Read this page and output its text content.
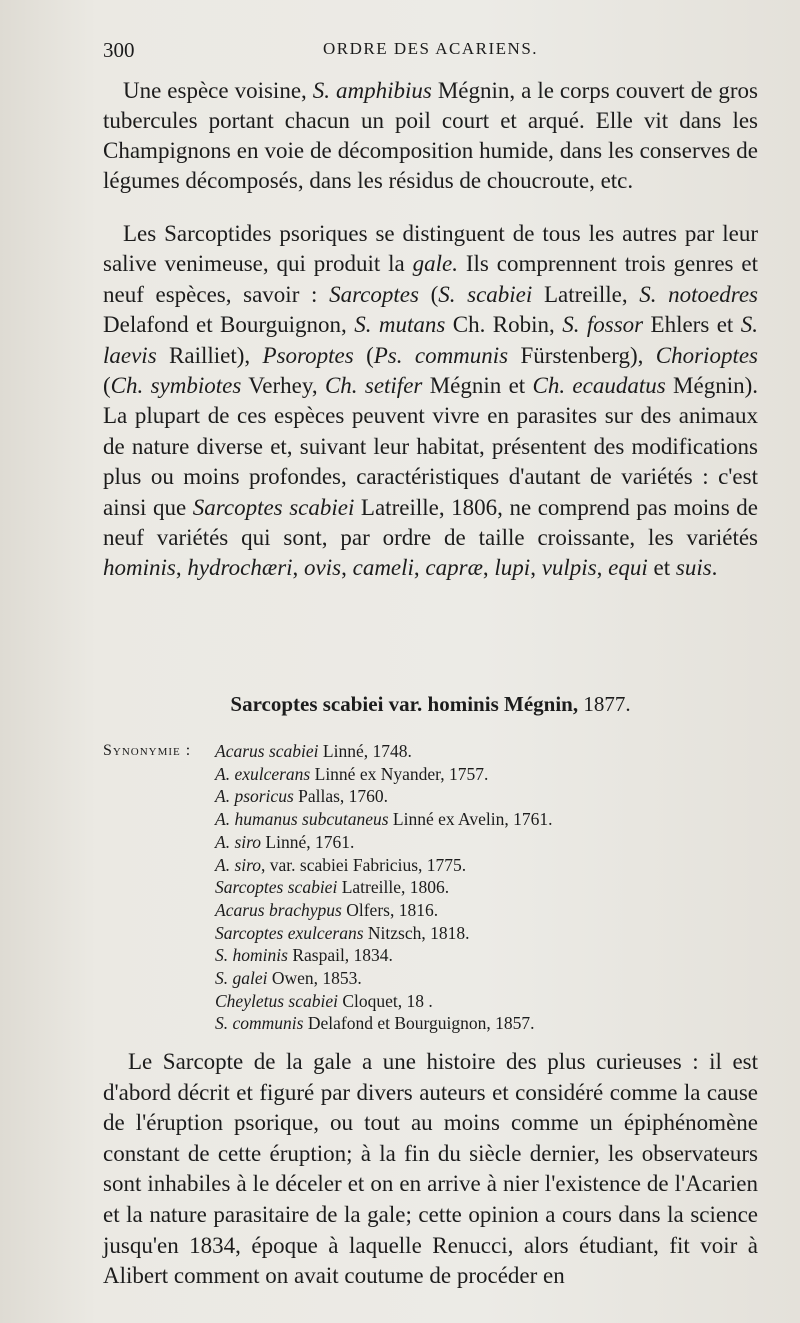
300	ORDRE DES ACARIENS.

Une espèce voisine, S. amphibius Mégnin, a le corps couvert de gros tubercules portant chacun un poil court et arqué. Elle vit dans les Champignons en voie de décomposition humide, dans les conserves de légumes décomposés, dans les résidus de choucroute, etc.

Les Sarcoptides psoriques se distinguent de tous les autres par leur salive venimeuse, qui produit la gale. Ils comprennent trois genres et neuf espèces, savoir : Sarcoptes (S. scabiei Latreille, S. notoedres Delafond et Bourguignon, S. mutans Ch. Robin, S. fossor Ehlers et S. laevis Railliet), Psoroptes (Ps. communis Fürstenberg), Chorioptes (Ch. symbiotes Verhey, Ch. setifer Mégnin et Ch. ecaudatus Mégnin). La plupart de ces espèces peuvent vivre en parasites sur des animaux de nature diverse et, suivant leur habitat, présentent des modifications plus ou moins profondes, caractéristiques d'autant de variétés : c'est ainsi que Sarcoptes scabiei Latreille, 1806, ne comprend pas moins de neuf variétés qui sont, par ordre de taille croissante, les variétés hominis, hydrochæri, ovis, cameli, capræ, lupi, vulpis, equi et suis.

Sarcoptes scabiei var. hominis Mégnin, 1877.
Synonymie : Acarus scabiei Linné, 1748.
A. exulcerans Linné ex Nyander, 1757.
A. psoricus Pallas, 1760.
A. humanus subcutaneus Linné ex Avelin, 1761.
A. siro Linné, 1761.
A. siro, var. scabiei Fabricius, 1775.
Sarcoptes scabiei Latreille, 1806.
Acarus brachypus Olfers, 1816.
Sarcoptes exulcerans Nitzsch, 1818.
S. hominis Raspail, 1834.
S. galei Owen, 1853.
Cheyletus scabiei Cloquet, 18 .
S. communis Delafond et Bourguignon, 1857.

Le Sarcopte de la gale a une histoire des plus curieuses : il est d'abord décrit et figuré par divers auteurs et considéré comme la cause de l'éruption psorique, ou tout au moins comme un épiphénomène constant de cette éruption; à la fin du siècle dernier, les observateurs sont inhabiles à le déceler et on en arrive à nier l'existence de l'Acarien et la nature parasitaire de la gale; cette opinion a cours dans la science jusqu'en 1834, époque à laquelle Renucci, alors étudiant, fit voir à Alibert comment on avait coutume de procéder en
